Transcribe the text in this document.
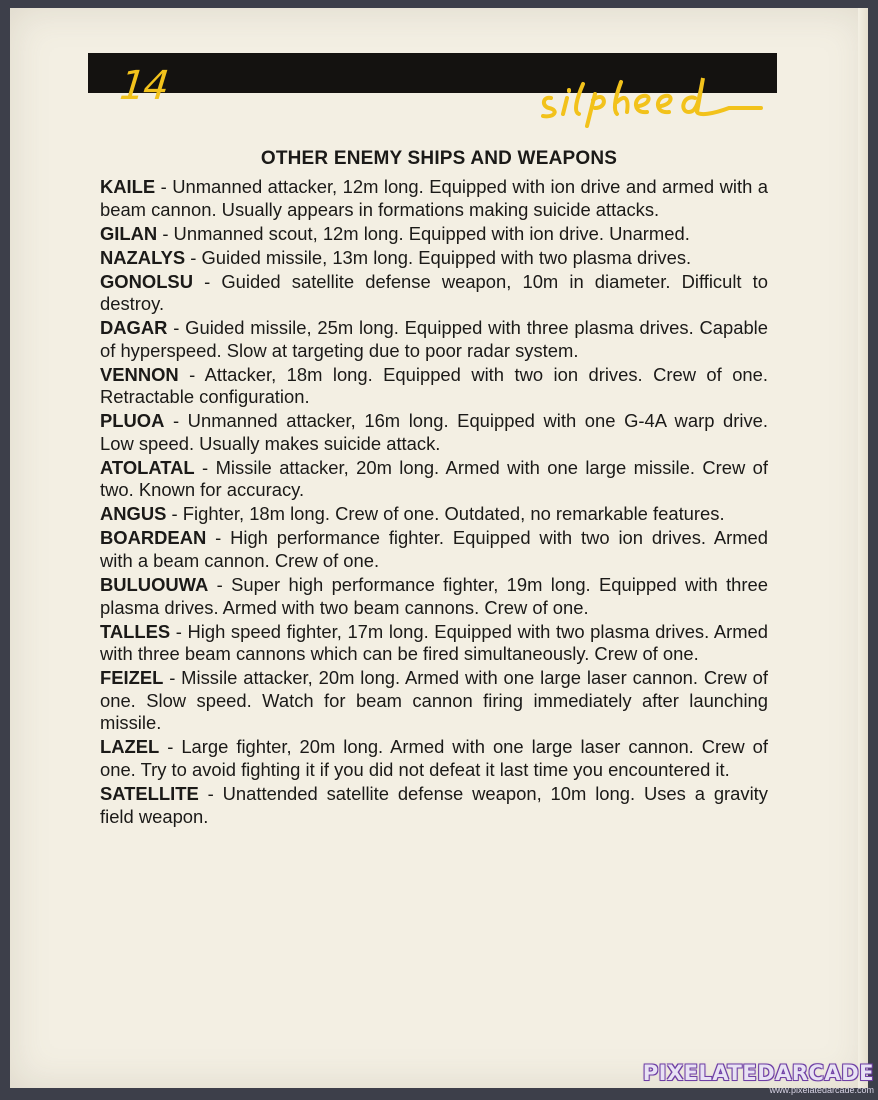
14
OTHER ENEMY SHIPS AND WEAPONS

KAILE - Unmanned attacker, 12m long. Equipped with ion drive and armed with a beam cannon. Usually appears in formations making suicide attacks.

GILAN - Unmanned scout, 12m long. Equipped with ion drive. Unarmed.

NAZALYS - Guided missile, 13m long. Equipped with two plasma drives.

GONOLSU - Guided satellite defense weapon, 10m in diameter. Difficult to destroy.

DAGAR - Guided missile, 25m long. Equipped with three plasma drives. Capable of hyperspeed. Slow at targeting due to poor radar system.

VENNON - Attacker, 18m long. Equipped with two ion drives. Crew of one. Retractable configuration.

PLUOA - Unmanned attacker, 16m long. Equipped with one G-4A warp drive. Low speed. Usually makes suicide attack.

ATOLATAL - Missile attacker, 20m long. Armed with one large missile. Crew of two. Known for accuracy.

ANGUS - Fighter, 18m long. Crew of one. Outdated, no remarkable features.

BOARDEAN - High performance fighter. Equipped with two ion drives. Armed with a beam cannon. Crew of one.

BULUOUWA - Super high performance fighter, 19m long. Equipped with three plasma drives. Armed with two beam cannons. Crew of one.

TALLES - High speed fighter, 17m long. Equipped with two plasma drives. Armed with three beam cannons which can be fired simultaneously. Crew of one.

FEIZEL - Missile attacker, 20m long. Armed with one large laser cannon. Crew of one. Slow speed. Watch for beam cannon firing immediately after launching missile.

LAZEL - Large fighter, 20m long. Armed with one large laser cannon. Crew of one. Try to avoid fighting it if you did not defeat it last time you encountered it.

SATELLITE - Unattended satellite defense weapon, 10m long. Uses a gravity field weapon.

PIXELATEDARCADE
www.pixelatedarcade.com
